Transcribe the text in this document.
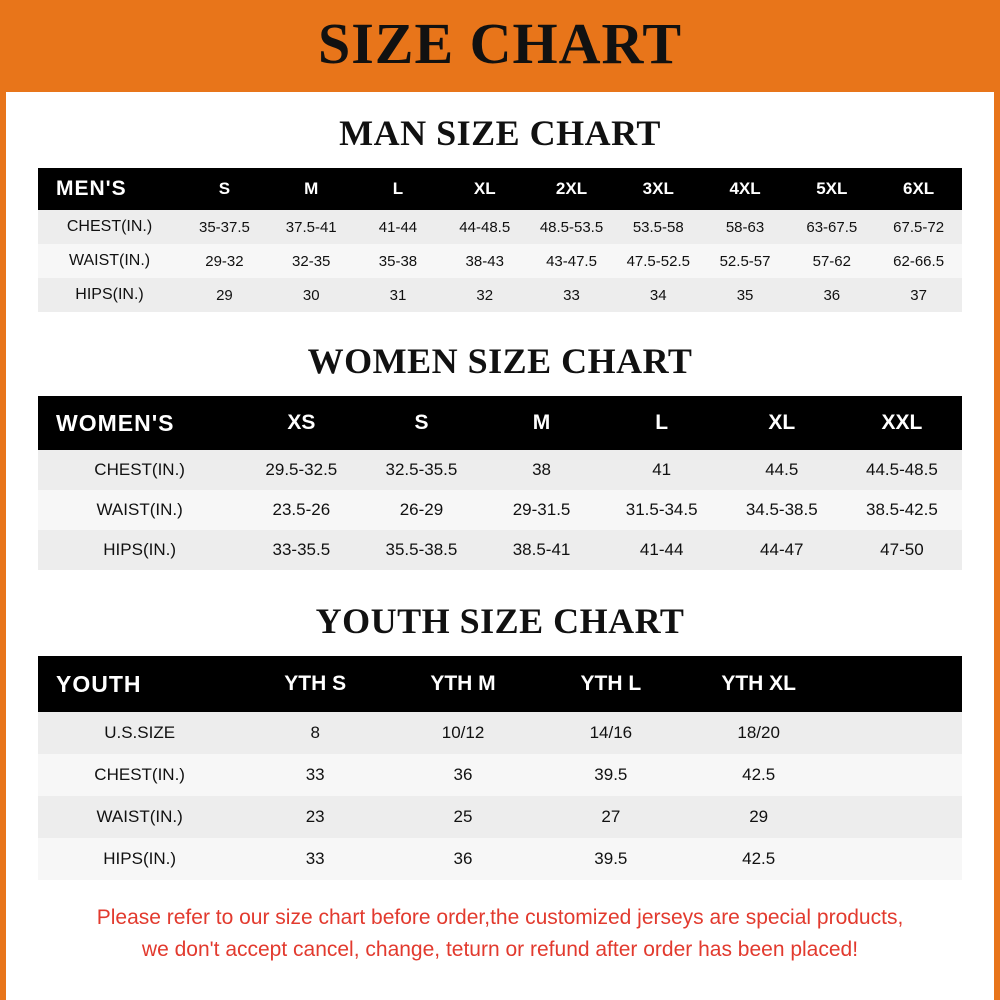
SIZE CHART
MAN SIZE CHART
MEN'S	S	M	L	XL	2XL	3XL	4XL	5XL	6XL
CHEST(IN.)	35-37.5	37.5-41	41-44	44-48.5	48.5-53.5	53.5-58	58-63	63-67.5	67.5-72
WAIST(IN.)	29-32	32-35	35-38	38-43	43-47.5	47.5-52.5	52.5-57	57-62	62-66.5
HIPS(IN.)	29	30	31	32	33	34	35	36	37
WOMEN SIZE CHART
WOMEN'S	XS	S	M	L	XL	XXL
CHEST(IN.)	29.5-32.5	32.5-35.5	38	41	44.5	44.5-48.5
WAIST(IN.)	23.5-26	26-29	29-31.5	31.5-34.5	34.5-38.5	38.5-42.5
HIPS(IN.)	33-35.5	35.5-38.5	38.5-41	41-44	44-47	47-50
YOUTH SIZE CHART
YOUTH	YTH S	YTH M	YTH L	YTH XL	
U.S.SIZE	8	10/12	14/16	18/20	
CHEST(IN.)	33	36	39.5	42.5	
WAIST(IN.)	23	25	27	29	
HIPS(IN.)	33	36	39.5	42.5	
Please refer to our size chart before order,the customized jerseys are special products,
we don't accept cancel, change, teturn or refund after order has been placed!
